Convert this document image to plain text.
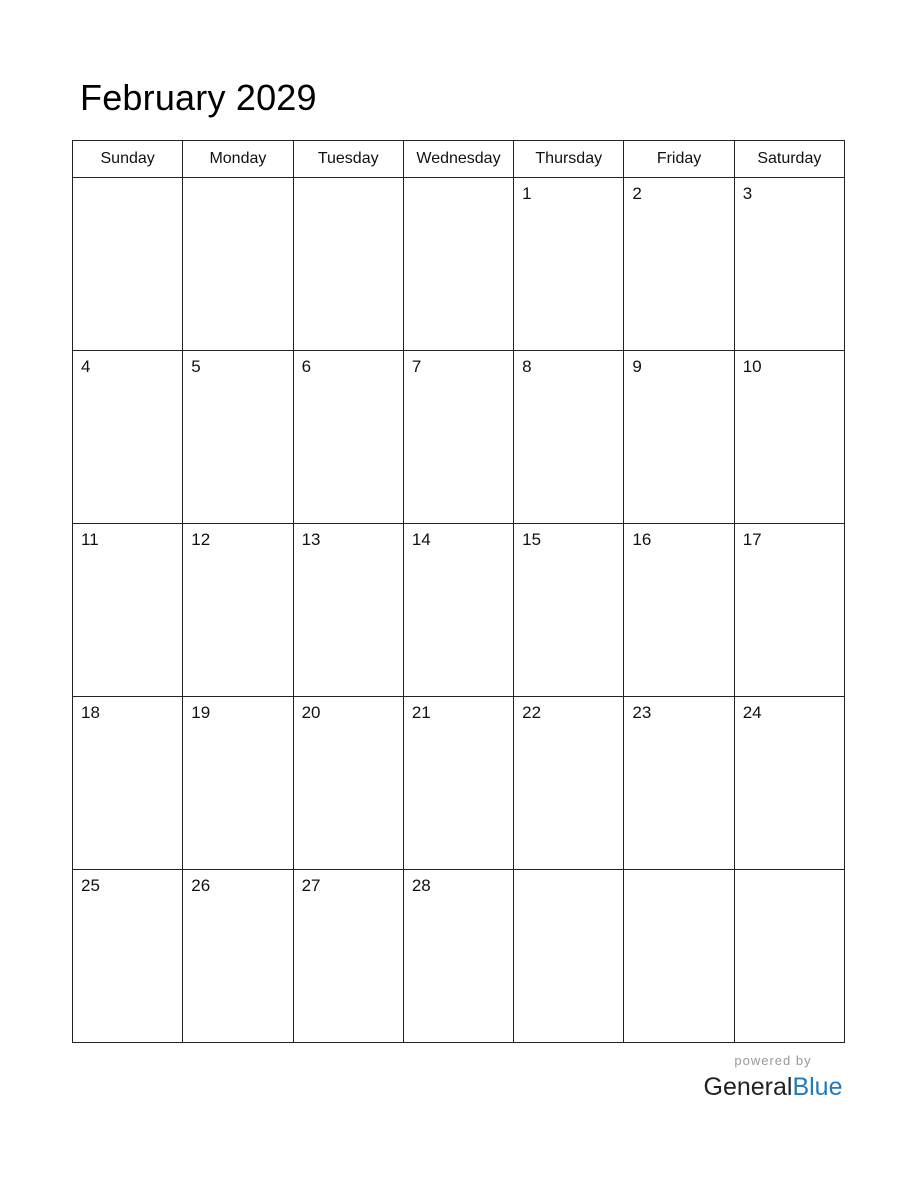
February 2029
Sunday	Monday	Tuesday	Wednesday	Thursday	Friday	Saturday

				1	2	3

4	5	6	7	8	9	10

11	12	13	14	15	16	17

18	19	20	21	22	23	24

25	26	27	28			

powered by
GeneralBlue
